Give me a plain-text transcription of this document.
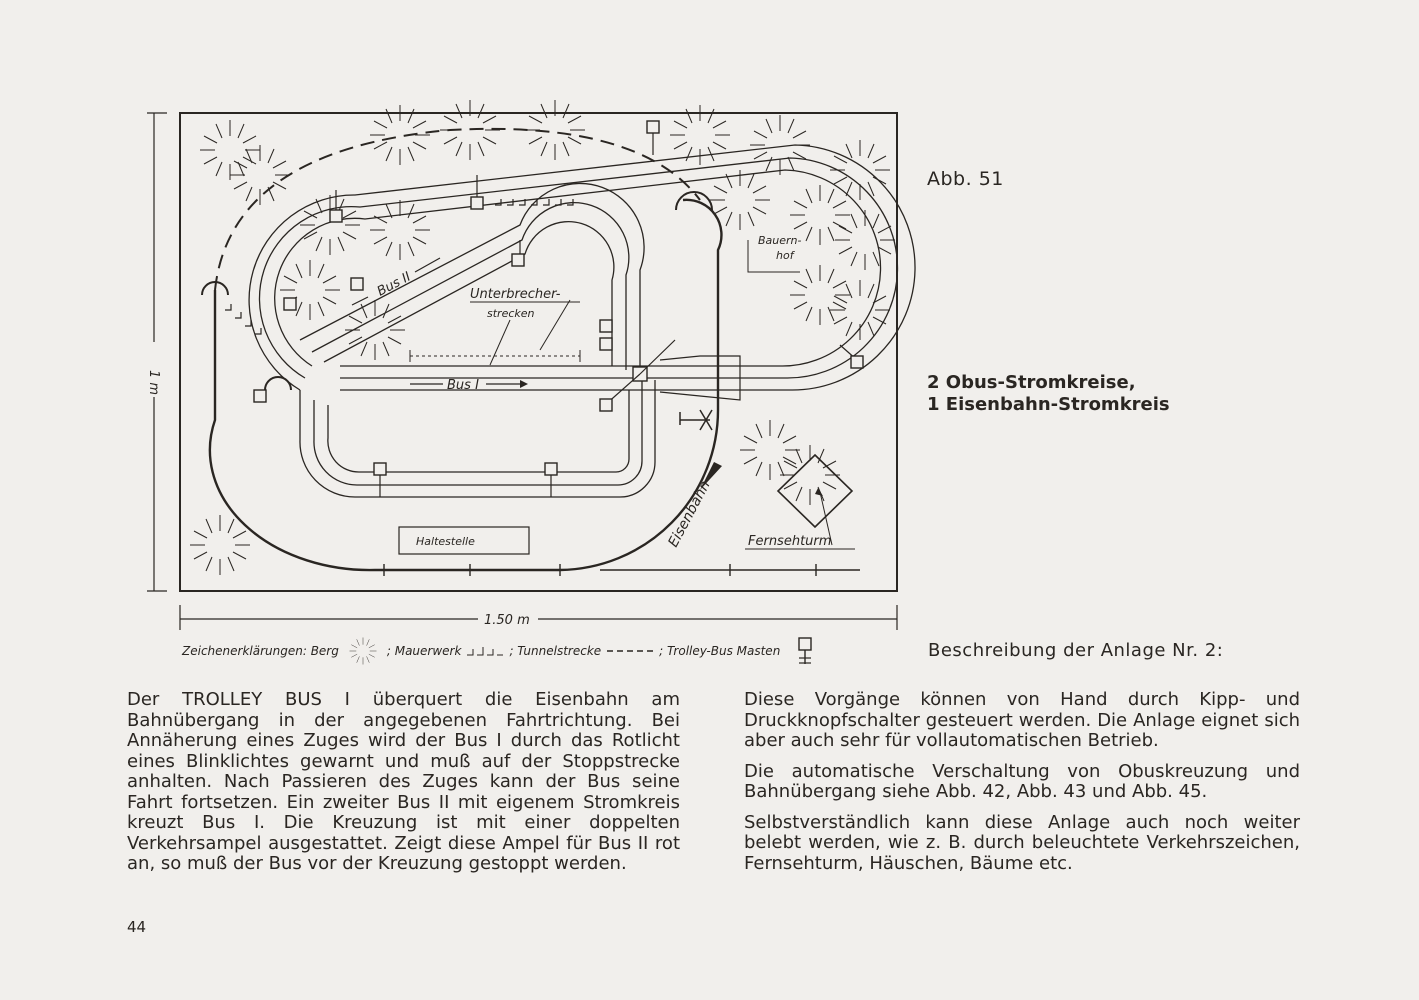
Bus II	Unterbrecher-
strecken
Bus I
Bauern-
hof
Haltestelle	Eisenbahn	Fernsehturm
1 m
1.50 m
Abb. 51
2 Obus-Stromkreise,
1 Eisenbahn-Stromkreis
Zeichenerklärungen: Berg	; Mauerwerk	; Tunnelstrecke	; Trolley-Bus Masten	Beschreibung der Anlage Nr. 2:

Der TROLLEY BUS I überquert die Eisenbahn am Bahnübergang in der angegebenen Fahrtrichtung. Bei Annäherung eines Zuges wird der Bus I durch das Rotlicht eines Blinklichtes gewarnt und muß auf der Stoppstrecke anhalten. Nach Passieren des Zuges kann der Bus seine Fahrt fortsetzen. Ein zweiter Bus II mit eigenem Stromkreis kreuzt Bus I. Die Kreuzung ist mit einer doppelten Verkehrsampel ausgestattet. Zeigt diese Ampel für Bus II rot an, so muß der Bus vor der Kreuzung gestoppt werden.

Diese Vorgänge können von Hand durch Kipp- und Druckknopfschalter gesteuert werden. Die Anlage eignet sich aber auch sehr für vollautomatischen Betrieb.

Die automatische Verschaltung von Obuskreuzung und Bahnübergang siehe Abb. 42, Abb. 43 und Abb. 45.

Selbstverständlich kann diese Anlage auch noch weiter belebt werden, wie z. B. durch beleuchtete Verkehrszeichen, Fernsehturm, Häuschen, Bäume etc.

44
